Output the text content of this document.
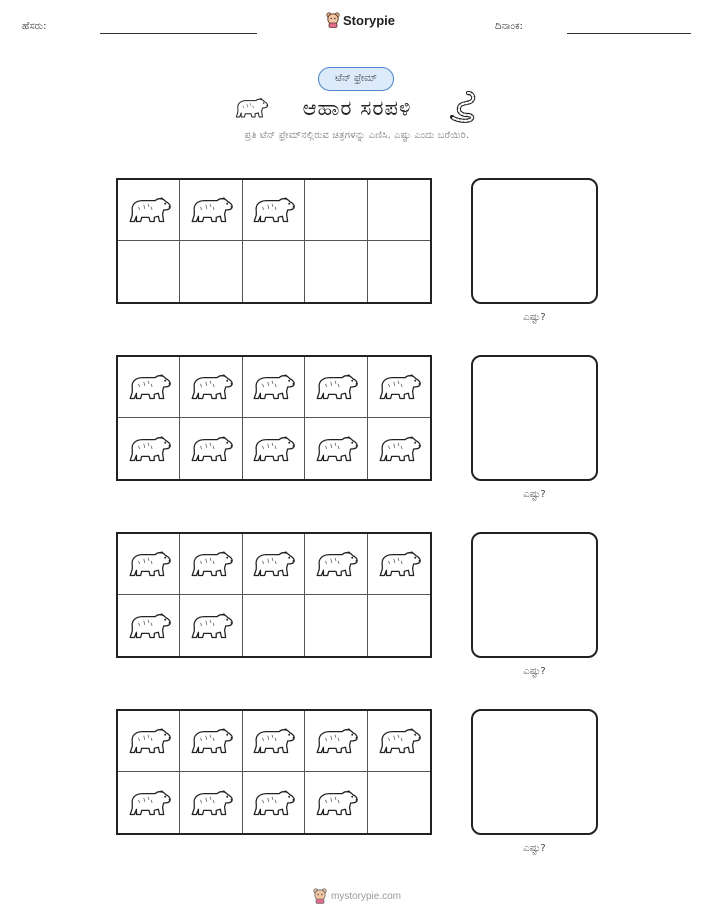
ಹೆಸರು:	Storypie	ದಿನಾಂಕ:
ಟೆನ್ ಫ್ರೇಮ್
ಆಹಾರ ಸರಪಳಿ
ಪ್ರತಿ ಟೆನ್ ಫ್ರೇಮ್‌ನಲ್ಲಿರುವ ಚಿತ್ರಗಳನ್ನು ಎಣಿಸಿ. ಎಷ್ಟು ಎಂದು ಬರೆಯಿರಿ.
ಎಷ್ಟು?
ಎಷ್ಟು?
ಎಷ್ಟು?
ಎಷ್ಟು?
mystorypie.com
